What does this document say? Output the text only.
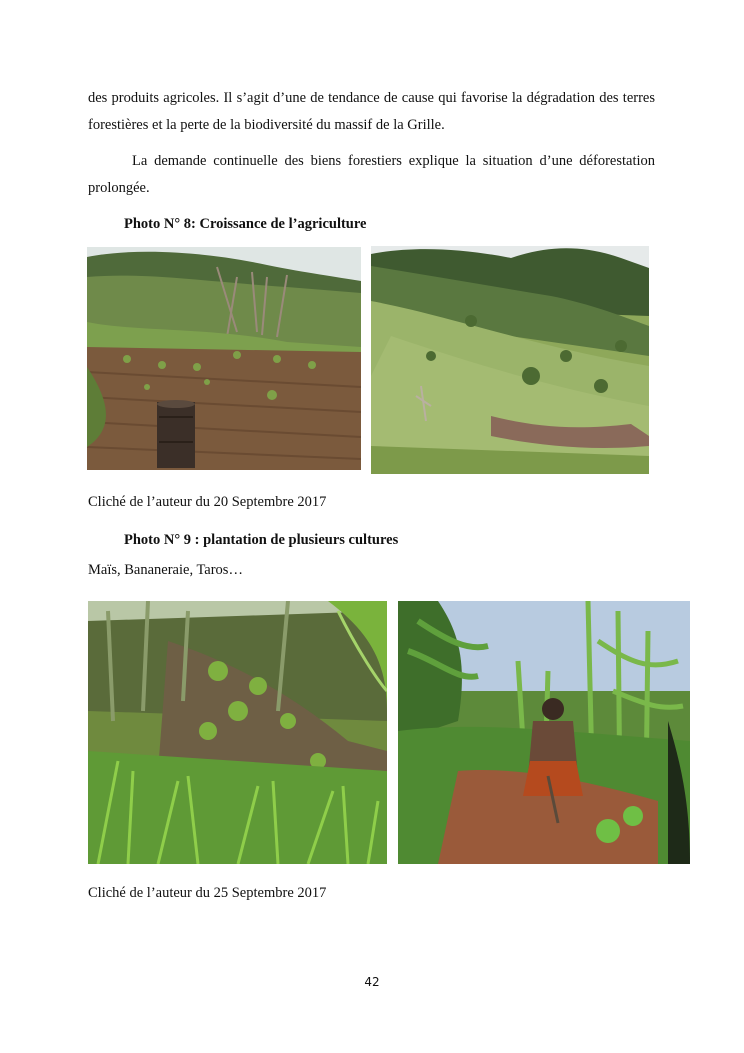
des produits agricoles. Il s’agit d’une de tendance de cause qui favorise la dégradation des terres forestières et la perte de la biodiversité du massif de la Grille.

La demande continuelle des biens forestiers explique la situation d’une déforestation prolongée.

Photo N° 8: Croissance de l’agriculture

Cliché de l’auteur du 20 Septembre 2017

Photo N° 9 : plantation de plusieurs cultures

Maïs, Bananeraie, Taros…

Cliché de l’auteur du 25 Septembre 2017

42
